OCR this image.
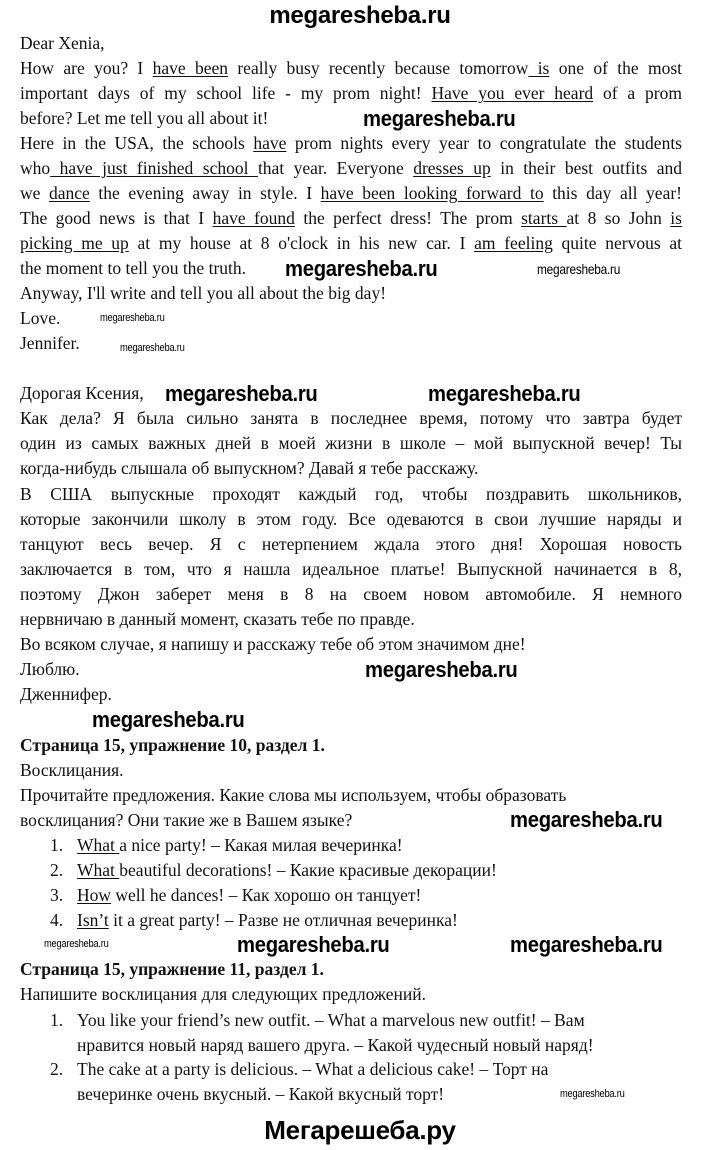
megaresheba.ru
Мегарешеба.ру
megaresheba.ru
megaresheba.ru
megaresheba.ru
megaresheba.ru	megaresheba.ru
megaresheba.ru	megaresheba.ru
megaresheba.ru
megaresheba.ru
megaresheba.ru
megaresheba.ru	megaresheba.ru	megaresheba.ru
megaresheba.ru
Dear Xenia,
How are you? I have been really busy recently because tomorrow is one of the most
important days of my school life - my prom night! Have you ever heard of a prom
before? Let me tell you all about it!
Here in the USA, the schools have prom nights every year to congratulate the students
who have just finished school that year. Everyone dresses up in their best outfits and
we dance the evening away in style. I have been looking forward to this day all year!
The good news is that I have found the perfect dress! The prom starts at 8 so John is
picking me up at my house at 8 o'clock in his new car. I am feeling quite nervous at
the moment to tell you the truth.
Anyway, I'll write and tell you all about the big day!
Love.
Jennifer.
Дорогая Ксения,
Как дела? Я была сильно занята в последнее время, потому что завтра будет
один из самых важных дней в моей жизни в школе – мой выпускной вечер! Ты
когда-нибудь слышала об выпускном? Давай я тебе расскажу.
В США выпускные проходят каждый год, чтобы поздравить школьников,
которые закончили школу в этом году. Все одеваются в свои лучшие наряды и
танцуют весь вечер. Я с нетерпением ждала этого дня! Хорошая новость
заключается в том, что я нашла идеальное платье! Выпускной начинается в 8,
поэтому Джон заберет меня в 8 на своем новом автомобиле. Я немного
нервничаю в данный момент, сказать тебе по правде.
Во всяком случае, я напишу и расскажу тебе об этом значимом дне!
Люблю.
Дженнифер.
Страница 15, упражнение 10, раздел 1.
Восклицания.
Прочитайте предложения. Какие слова мы используем, чтобы образовать
восклицания? Они такие же в Вашем языке?
1. What a nice party! – Какая милая вечеринка!
2. What beautiful decorations! – Какие красивые декорации!
3. How well he dances! – Как хорошо он танцует!
4. Isn’t it a great party! – Разве не отличная вечеринка!
Страница 15, упражнение 11, раздел 1.
Напишите восклицания для следующих предложений.
1. You like your friend’s new outfit. – What a marvelous new outfit! – Вам
нравится новый наряд вашего друга. – Какой чудесный новый наряд!
2. The cake at a party is delicious. – What a delicious cake! – Торт на
вечеринке очень вкусный. – Какой вкусный торт!
